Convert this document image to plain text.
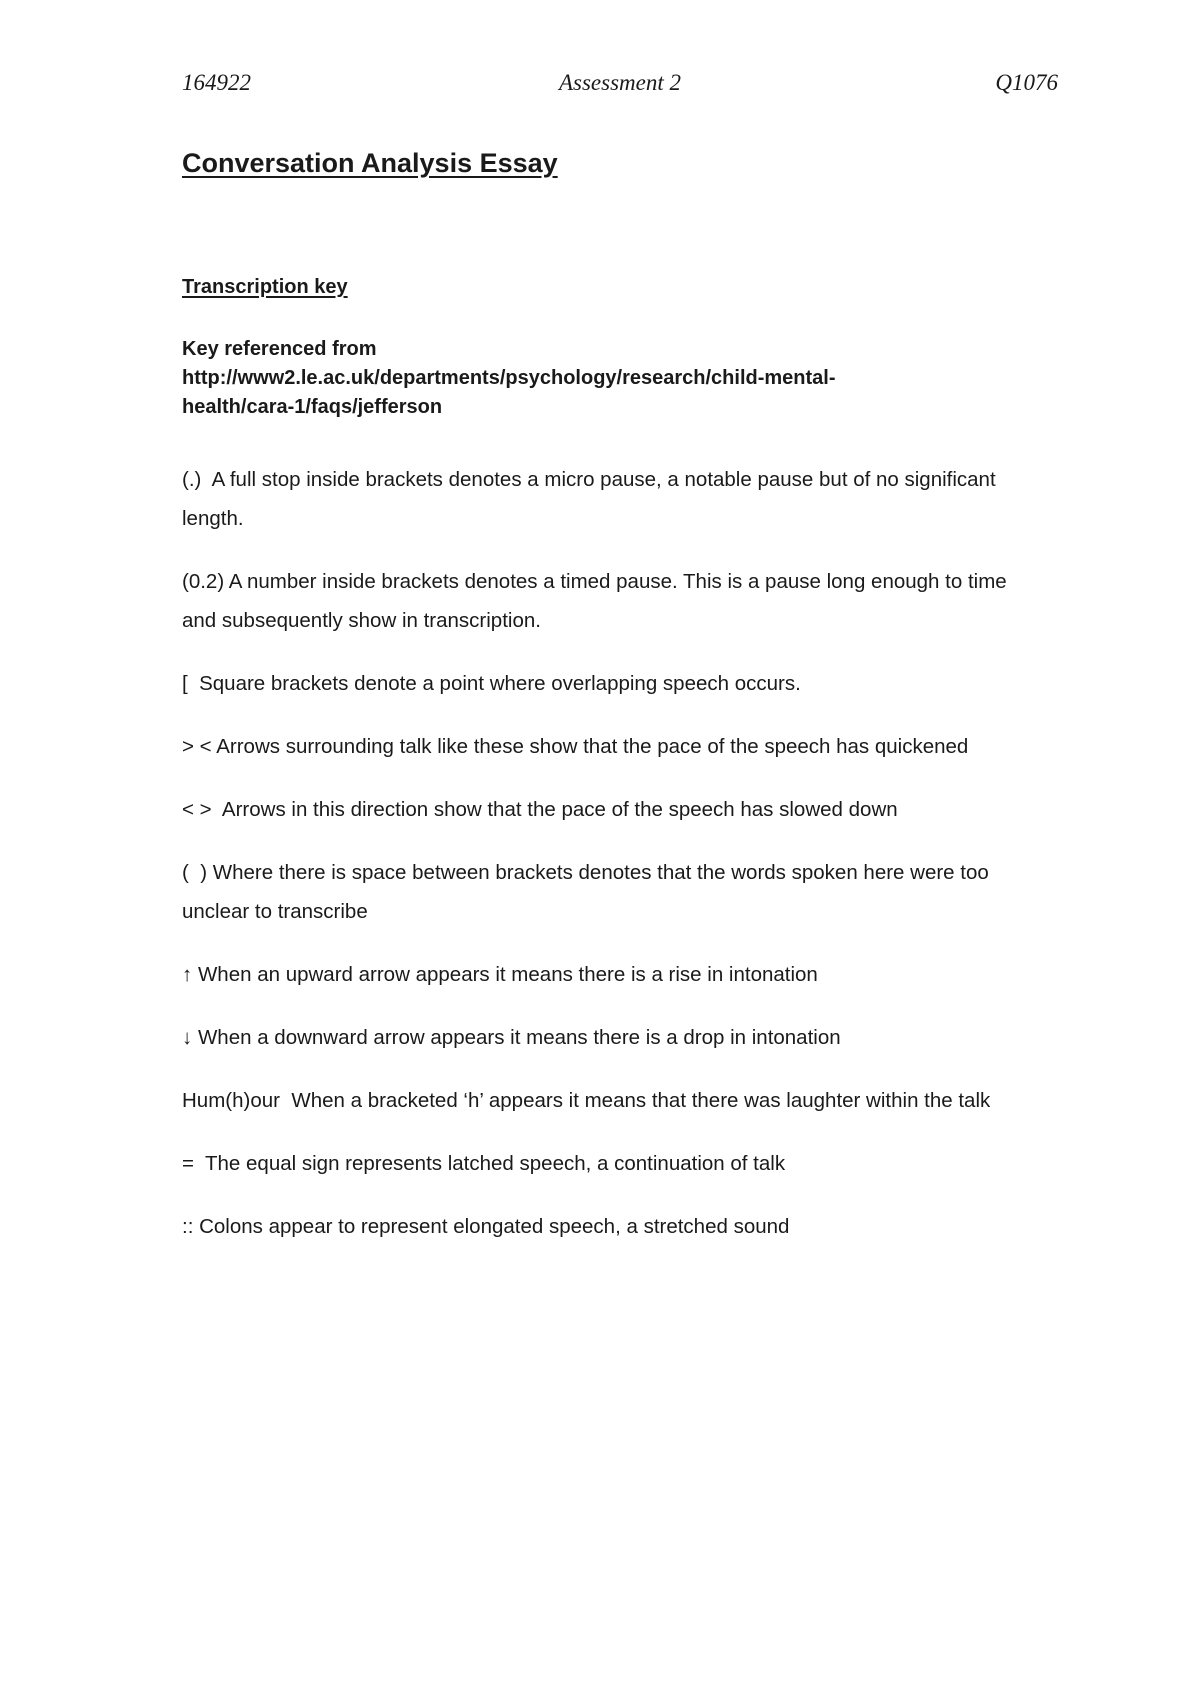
164922	Assessment 2	Q1076
Conversation Analysis Essay
Transcription key
Key referenced from
http://www2.le.ac.uk/departments/psychology/research/child-mental-
health/cara-1/faqs/jefferson

(.)  A full stop inside brackets denotes a micro pause, a notable pause but of no significant length.

(0.2) A number inside brackets denotes a timed pause. This is a pause long enough to time and subsequently show in transcription.

[  Square brackets denote a point where overlapping speech occurs.

> < Arrows surrounding talk like these show that the pace of the speech has quickened

< >  Arrows in this direction show that the pace of the speech has slowed down

(  ) Where there is space between brackets denotes that the words spoken here were too unclear to transcribe

↑ When an upward arrow appears it means there is a rise in intonation

↓ When a downward arrow appears it means there is a drop in intonation

Hum(h)our  When a bracketed ‘h’ appears it means that there was laughter within the talk

=  The equal sign represents latched speech, a continuation of talk

:: Colons appear to represent elongated speech, a stretched sound
